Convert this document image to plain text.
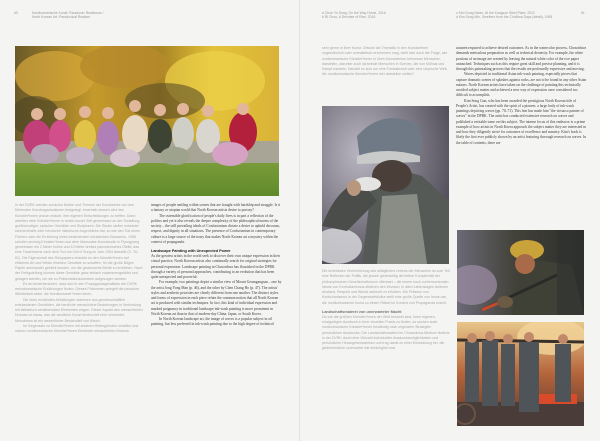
60	Nordkoreanische Kunst: Paradoxer Realismus /
North Korean Art: Paradoxical Realism

In der DVRK werden zunächst Motive und Themen der Kunstwerke von den führenden Kunstorganisationen festgelegt. Innerhalb dessen wird den Künstler*innen jedoch erlaubt, ihre eigenen Entscheidungen zu treffen. Dann arbeiten viele Künstler*innen in relativ kurzer Zeit gemeinsam an der Schaffung großformatiger, epischer Gemälde und Skulpturen. Die Studie stellen entweder schmerzhafte oder heroische historische Augenblicke dar, so wie den Tod eines Führers oder die Errichtung eines bedeutenden Infrastruktur-Bauwerks. 1998 schufen sechzig Künstler*innen aus dem Mansudae-Kunststudio in Pyongyang gemeinsam ein 2 Meter hohes und 10 Meter breites panoramisches Ölbild, das eine Trauerszene nach dem Tod von Kim Il Sung im Jahr 1994 darstellt (S. 78–81). Die Eigenschaft des Reispapiers erlaubte es den Künstler*innen auf effiziente Art und Weise einzelne Gemälde zu schaffen, für die große Bögen Papier aneinander geklebt wurden, um die gewünschte Breite zu erreichen. Nach der Fertigstellung können diese Gemälde ganz einfach zusammengefaltet und gelagert werden, um sie zu Präsentationszwecken aufgezogen werden.

Es ist bemerkenswert, dass sich in den Propagandagemälden der DVRK melodramatische Erzählungen finden. Dieses Phänomen spiegelt die paradoxe Wirklichkeit wider, die Nordkoreaner*innen leben.

Die oben erwähnten Abbildungen stammen aus gemeinschaftlich entstandenen Gemälden, die herzliche menschliche Beziehungen in Verbindung mit ästhetisch-sentimentalen Elementen zeigen. Dieser Aspekt des menschlichen Dramas ist etwas, das die westliche Kunst tendenziell eher vermeidet. Melodrama ist ein wesentlicher Bestandteil von Kitsch.

Im Gegensatz zu Künstler*innen mit anderen Hintergründen schaffen und nutzen nordkoreanische Künstler*innen Elemente menschlichen Dramas

images of people smiling within scenes that are fraught with hardship and struggle. Is it a fantasy or utopian world that North Korean artists desire to portray?

The ostensible glorification of people's daily lives is in part a reflection of the politics and yet it also reveals the deeper complexity of the philosophical norms of the society – the still prevailing ideals of Confucianism dictate a desire to uphold decorum, respect, and dignity in all situations. The presence of Confucianism in contemporary culture is a large source of the irony that makes North Korean art a mystery within the context of propaganda.

Landscape Painting with Unexpected Power

As the greatest artists in the world seek to discover their own unique expression in their visual practice, North Korean artists also continually search for original strategies for personal expression. Landscape painting in Chosonhwa has flourished in the DPRK through a variety of personal approaches, contributing to an evolution that has been quite unexpected and powerful.

For example, two paintings depict a similar view of Mount Geumgangsan – one by the artist Jong Yong Man (p. 46), and the other by Chen Chang Ho (p. 47). The artists' styles and aesthetic priorities are clearly different from one another. The distinct styles and forms of expression in each piece refute the common notion that all North Korean art is produced with similar techniques. In fact, this kind of individual expression and marked poignancy in traditional landscape ink-wash painting is more prominent in North Korean art than in that of modern-day China, Japan, or South Korea.

In North Korean landscape art, the image of waves is a popular subject in oil painting, but less preferred in ink-wash painting due to the high degree of technical

a Choe Yu Song, On the Way Home, 2016
b Ri Chun, A Devotee of Rice, 2016
c Kim Dong Hwan, At the Kangson Steel Plant, 2012
d Kim Song Min, Smelters from the Chollima Days (detail), 1998
61

sehr gerne in ihrer Kunst. Obwohl die Thematik in den Kunstwerken ungewöhnlich oder unrealistisch erscheinen mag, stellt sich doch die Frage, wie nordkoreanische Künstler*innen in ihren Kunstwerken behutsam Menschen darstellen, darunter auch lächelnde Menschen in Szenen, die von Mühsal und Kampf handeln. Handelt es sich um eine Fantasiewelt oder eine utopische Welt, die nordkoreanische Künstler*innen hier darstellen wollen?

Die scheinbare Verherrlichung des alltäglichen Lebens der Menschen ist zum Teil eine Reflexion der Politik, die jedoch gleichzeitig die tiefere Komplexität der philosophischen Gesellschaftsnorm offenbart – die immer noch vorherrschenden Ideale von Konfuzianismus diktieren den Wunsch, in allen Lebenslagen äußeren Anstand, Respekt und Würde aufrecht zu erhalten. Die Präsenz von Konfuzianismus in der Gegenwartskultur stellt eine große Quelle von Ironie dar, die nordkoreanische Kunst zu einem Rätsel im Kontext von Propaganda macht.

Landschaftsmalerei von unerwarteter Macht

Da wie die größten Künstler*innen der Welt bestrebt sind, ihren eigenen, einzigartigen Ausdruck in ihrer visuellen Praxis zu finden, so suchen auch nordkoreanische Künstler*innen beständig nach originären Strategien persönlichen Ausdrucks. Die Landschaftsmalerei im Chosonhwa-Medium florierte in der DVRK durch eine Vielzahl individueller Ausdrucksmöglichkeiten und persönlicher Herangehensweisen und trug damit zu einer Entwicklung bei, die gleichermaßen unerwartet wie eindringlich war.

acumen required to achieve desired outcomes. As in the watercolor process, Chosonhwa demands meticulous preparation as well as technical dexterity. For example, the white portions of an image are created by leaving the natural white color of the rice paper untouched. Techniques such as this require great skill and precise planning, and it is through this painstaking process that the results are profoundly expressive and moving.

Waves depicted in traditional Asian ink-wash painting, especially pieces that capture dramatic scenes of splashes against rocks, are not to be found in any other Asian nations. North Korean artists have taken on the challenge of painting this technically avoided subject matter and achieved a new way of expression once considered too difficult to accomplish.

Kim Song Gun, who has been awarded the prestigious North Korean title of People's Artist, has created with the spirit of a pioneer, a large body of ink-wash paintings depicting waves (pp. 70–71). This feat has made him "the virtuoso painter of waves" in the DPRK. The artist has conducted extensive research on waves and published a veritable tome on this subject. The intense focus of this endeavor is a prime example of how artists in North Korea approach the subject matter they are interested in and how they diligently strive for outcomes of excellence and mastery. Kim's book is likely the first ever publicly shown by an artist featuring thorough research on waves. In the table of contents, there are
